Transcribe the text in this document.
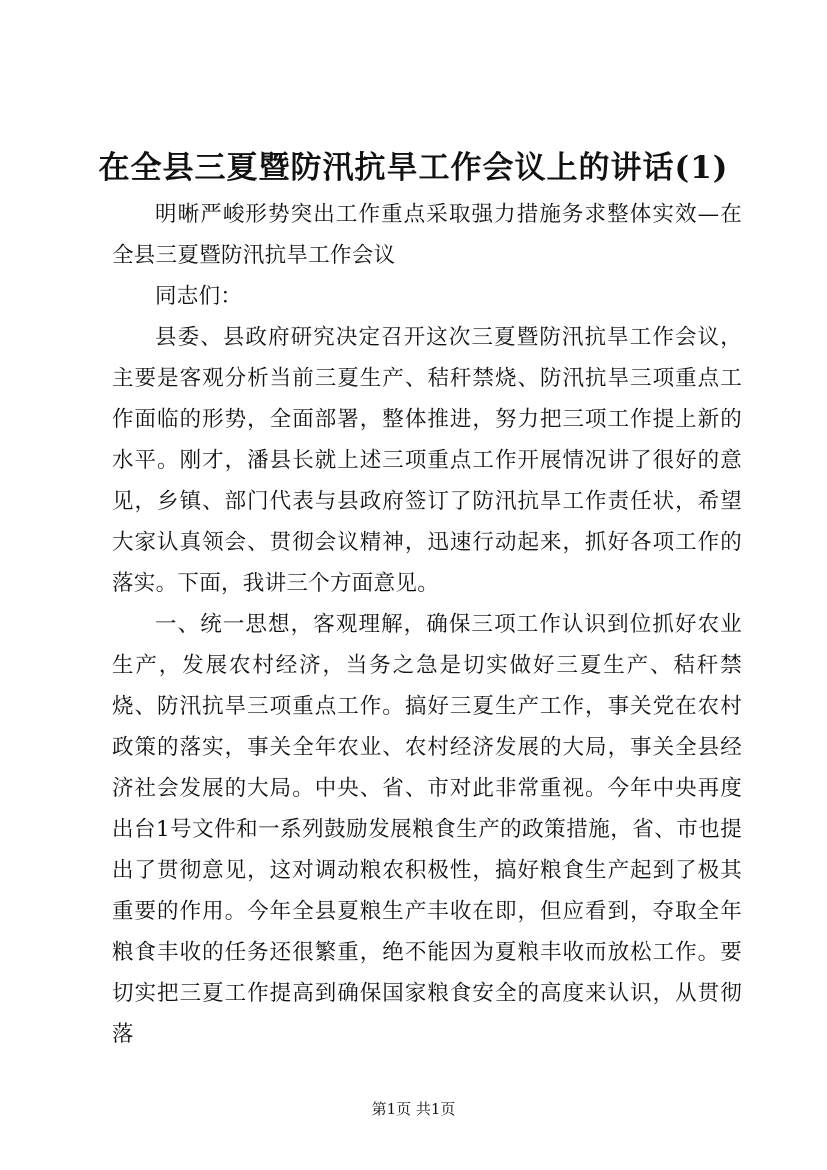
在全县三夏暨防汛抗旱工作会议上的讲话(1)

明晰严峻形势突出工作重点采取强力措施务求整体实效—在全县三夏暨防汛抗旱工作会议

同志们：

县委、县政府研究决定召开这次三夏暨防汛抗旱工作会议，主要是客观分析当前三夏生产、秸秆禁烧、防汛抗旱三项重点工作面临的形势，全面部署，整体推进，努力把三项工作提上新的水平。刚才，潘县长就上述三项重点工作开展情况讲了很好的意见，乡镇、部门代表与县政府签订了防汛抗旱工作责任状，希望大家认真领会、贯彻会议精神，迅速行动起来，抓好各项工作的落实。下面，我讲三个方面意见。

一、统一思想，客观理解，确保三项工作认识到位抓好农业生产，发展农村经济，当务之急是切实做好三夏生产、秸秆禁烧、防汛抗旱三项重点工作。搞好三夏生产工作，事关党在农村政策的落实，事关全年农业、农村经济发展的大局，事关全县经济社会发展的大局。中央、省、市对此非常重视。今年中央再度出台1号文件和一系列鼓励发展粮食生产的政策措施，省、市也提出了贯彻意见，这对调动粮农积极性，搞好粮食生产起到了极其重要的作用。今年全县夏粮生产丰收在即，但应看到，夺取全年粮食丰收的任务还很繁重，绝不能因为夏粮丰收而放松工作。要切实把三夏工作提高到确保国家粮食安全的高度来认识，从贯彻落

第1页 共1页
